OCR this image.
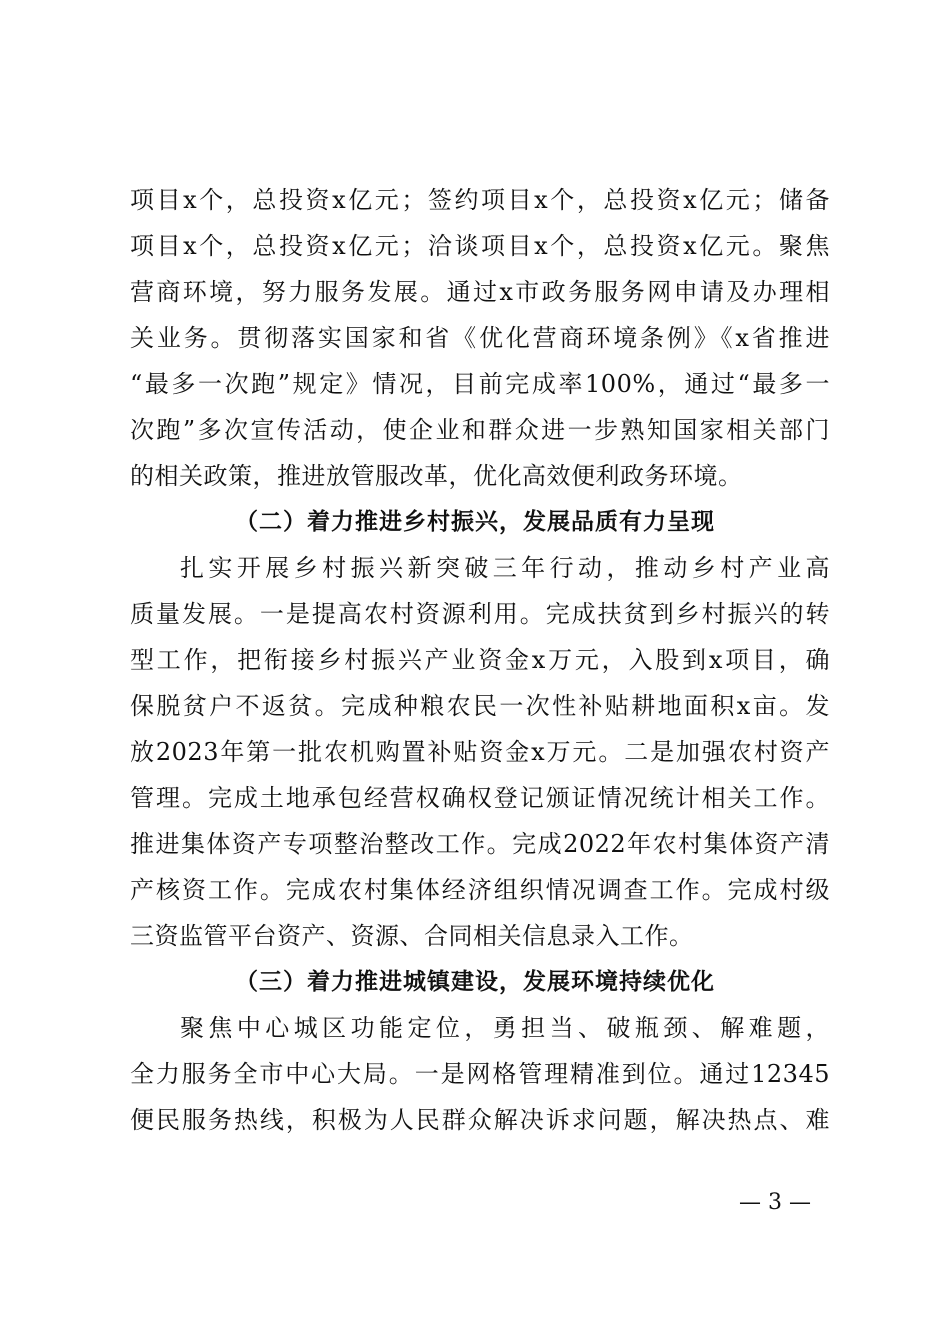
项目x个，总投资x亿元；签约项目x个，总投资x亿元；储备
项目x个，总投资x亿元；洽谈项目x个，总投资x亿元。聚焦
营商环境，努力服务发展。通过x市政务服务网申请及办理相
关业务。贯彻落实国家和省《优化营商环境条例》《x省推进
“最多一次跑”规定》情况，目前完成率100%，通过“最多一
次跑”多次宣传活动，使企业和群众进一步熟知国家相关部门
的相关政策，推进放管服改革，优化高效便利政务环境。
（二）着力推进乡村振兴，发展品质有力呈现
扎实开展乡村振兴新突破三年行动，推动乡村产业高
质量发展。一是提高农村资源利用。完成扶贫到乡村振兴的转
型工作，把衔接乡村振兴产业资金x万元，入股到x项目，确
保脱贫户不返贫。完成种粮农民一次性补贴耕地面积x亩。发
放2023年第一批农机购置补贴资金x万元。二是加强农村资产
管理。完成土地承包经营权确权登记颁证情况统计相关工作。
推进集体资产专项整治整改工作。完成2022年农村集体资产清
产核资工作。完成农村集体经济组织情况调查工作。完成村级
三资监管平台资产、资源、合同相关信息录入工作。
（三）着力推进城镇建设，发展环境持续优化
聚焦中心城区功能定位，勇担当、破瓶颈、解难题，
全力服务全市中心大局。一是网格管理精准到位。通过12345
便民服务热线，积极为人民群众解决诉求问题，解决热点、难
— 3 —
